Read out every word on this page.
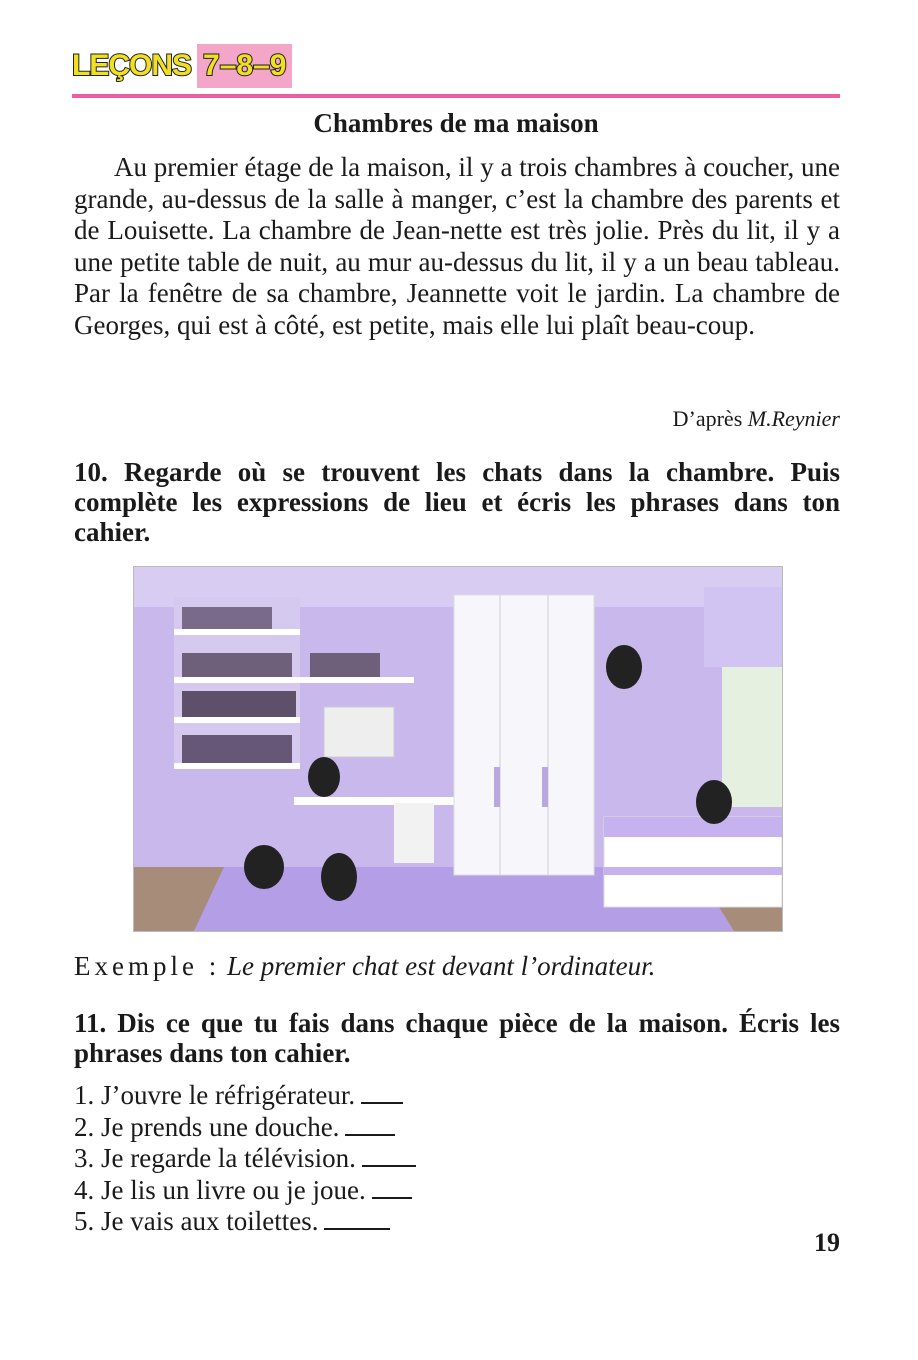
LEÇONS 7–8–9
Chambres de ma maison
Au premier étage de la maison, il y a trois chambres à coucher, une grande, au-dessus de la salle à manger, c’est la chambre des parents et de Louisette. La chambre de Jean-nette est très jolie. Près du lit, il y a une petite table de nuit, au mur au-dessus du lit, il y a un beau tableau. Par la fenêtre de sa chambre, Jeannette voit le jardin. La chambre de Georges, qui est à côté, est petite, mais elle lui plaît beau-coup.
D’après M.Reynier
10. Regarde où se trouvent les chats dans la chambre. Puis complète les expressions de lieu et écris les phrases dans ton cahier.
Exemple : Le premier chat est devant l’ordinateur.
11. Dis ce que tu fais dans chaque pièce de la maison. Écris les phrases dans ton cahier.
1. J’ouvre le réfrigérateur.
2. Je prends une douche.
3. Je regarde la télévision.
4. Je lis un livre ou je joue.
5. Je vais aux toilettes.
19
